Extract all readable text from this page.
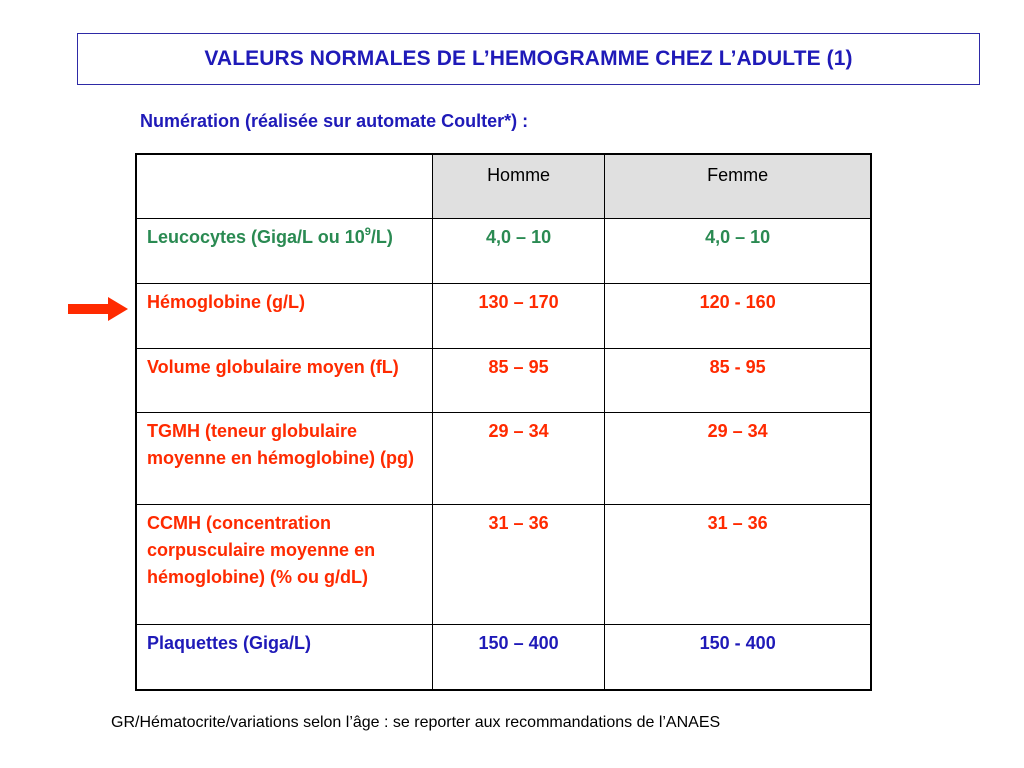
VALEURS NORMALES DE L’HEMOGRAMME CHEZ L’ADULTE (1)
Numération (réalisée sur automate Coulter*) :
	Homme	Femme
Leucocytes (Giga/L ou $10^9/L$)	4,0 – 10	4,0 – 10
Hémoglobine (g/L)	130 – 170	120 - 160
Volume globulaire moyen (fL)	85 – 95	85 - 95
TGMH (teneur globulaire moyenne en hémoglobine) (pg)	29 – 34	29 – 34
CCMH (concentration corpusculaire moyenne en hémoglobine) (% ou g/dL)	31 – 36	31 – 36
Plaquettes (Giga/L)	150 – 400	150 - 400
GR/Hématocrite/variations selon l’âge : se reporter aux recommandations de l’ANAES
